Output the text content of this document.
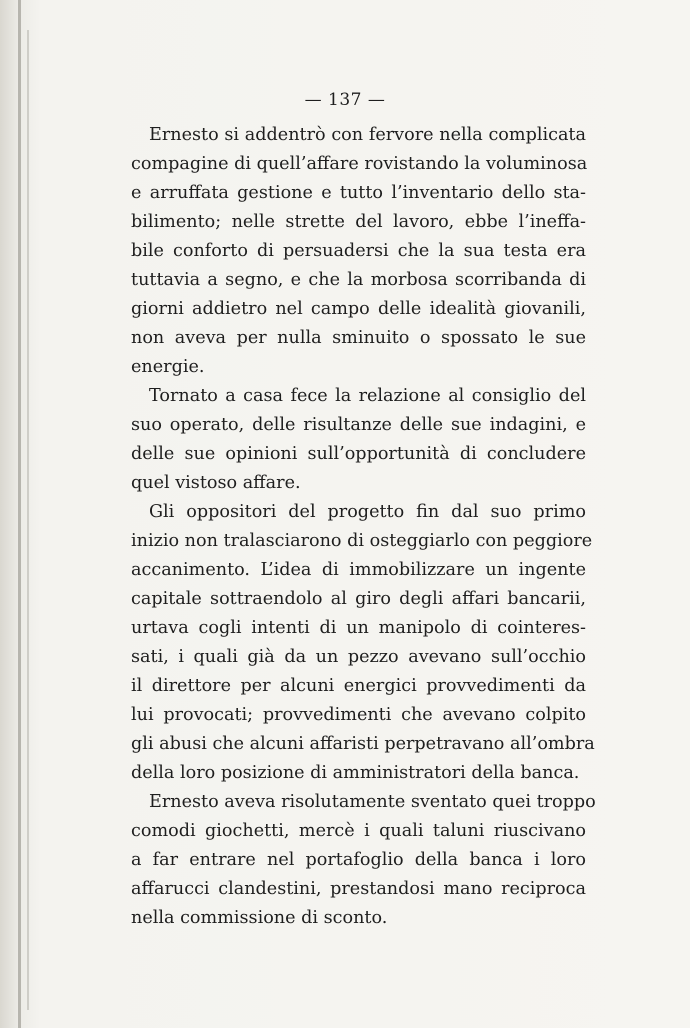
— 137 —
Ernesto si addentrò con fervore nella complicata
compagine di quell’affare rovistando la voluminosa
e arruffata gestione e tutto l’inventario dello sta-
bilimento; nelle strette del lavoro, ebbe l’ineffa-
bile conforto di persuadersi che la sua testa era
tuttavia a segno, e che la morbosa scorribanda di
giorni addietro nel campo delle idealità giovanili,
non aveva per nulla sminuito o spossato le sue
energie.
Tornato a casa fece la relazione al consiglio del
suo operato, delle risultanze delle sue indagini, e
delle sue opinioni sull’opportunità di concludere
quel vistoso affare.
Gli oppositori del progetto fin dal suo primo
inizio non tralasciarono di osteggiarlo con peggiore
accanimento. L’idea di immobilizzare un ingente
capitale sottraendolo al giro degli affari bancarii,
urtava cogli intenti di un manipolo di cointeres-
sati, i quali già da un pezzo avevano sull’occhio
il direttore per alcuni energici provvedimenti da
lui provocati; provvedimenti che avevano colpito
gli abusi che alcuni affaristi perpetravano all’ombra
della loro posizione di amministratori della banca.
Ernesto aveva risolutamente sventato quei troppo
comodi giochetti, mercè i quali taluni riuscivano
a far entrare nel portafoglio della banca i loro
affarucci clandestini, prestandosi mano reciproca
nella commissione di sconto.
